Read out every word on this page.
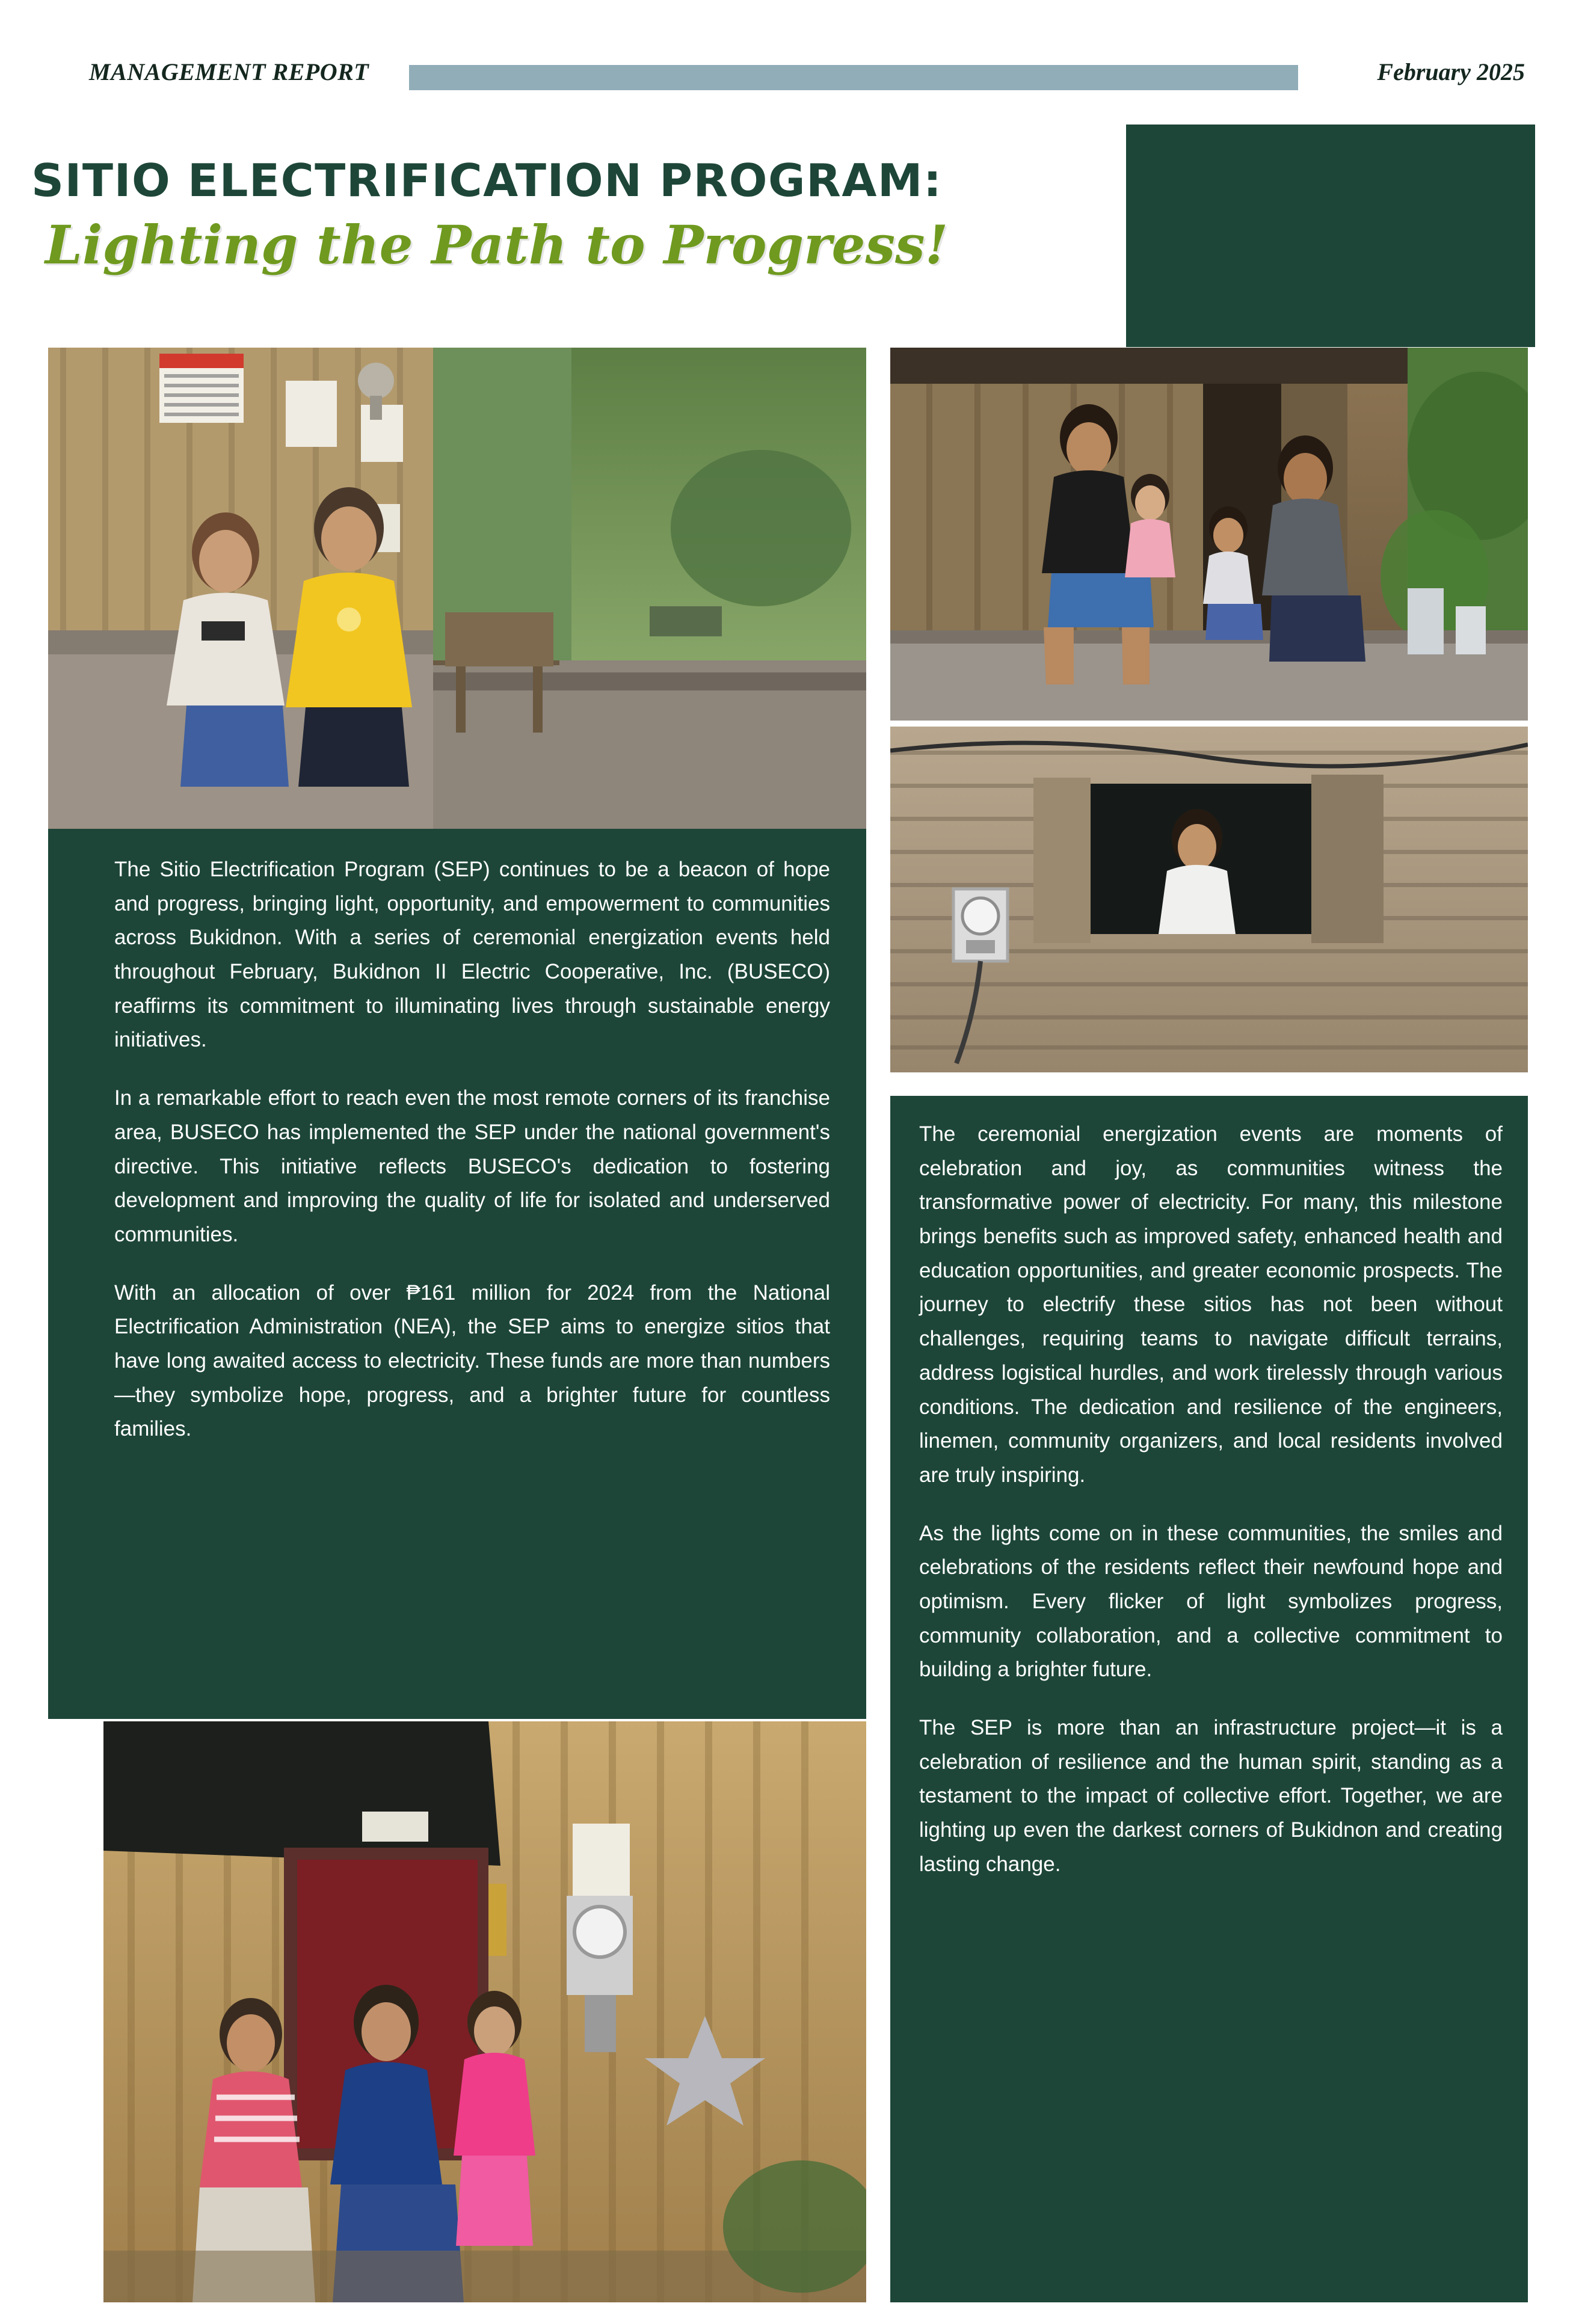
MANAGEMENT REPORT	February 2025
SITIO ELECTRIFICATION PROGRAM:
Lighting the Path to Progress!

The Sitio Electrification Program (SEP) continues to be a beacon of hope and progress, bringing light, opportunity, and empowerment to communities across Bukidnon. With a series of ceremonial energization events held throughout February, Bukidnon II Electric Cooperative, Inc. (BUSECO) reaffirms its commitment to illuminating lives through sustainable energy initiatives.

In a remarkable effort to reach even the most remote corners of its franchise area, BUSECO has implemented the SEP under the national government's directive. This initiative reflects BUSECO's dedication to fostering development and improving the quality of life for isolated and underserved communities.

With an allocation of over ₱161 million for 2024 from the National Electrification Administration (NEA), the SEP aims to energize sitios that have long awaited access to electricity. These funds are more than numbers—they symbolize hope, progress, and a brighter future for countless families.

The ceremonial energization events are moments of celebration and joy, as communities witness the transformative power of electricity. For many, this milestone brings benefits such as improved safety, enhanced health and education opportunities, and greater economic prospects. The journey to electrify these sitios has not been without challenges, requiring teams to navigate difficult terrains, address logistical hurdles, and work tirelessly through various conditions. The dedication and resilience of the engineers, linemen, community organizers, and local residents involved are truly inspiring.

As the lights come on in these communities, the smiles and celebrations of the residents reflect their newfound hope and optimism. Every flicker of light symbolizes progress, community collaboration, and a collective commitment to building a brighter future.

The SEP is more than an infrastructure project—it is a celebration of resilience and the human spirit, standing as a testament to the impact of collective effort. Together, we are lighting up even the darkest corners of Bukidnon and creating lasting change.
